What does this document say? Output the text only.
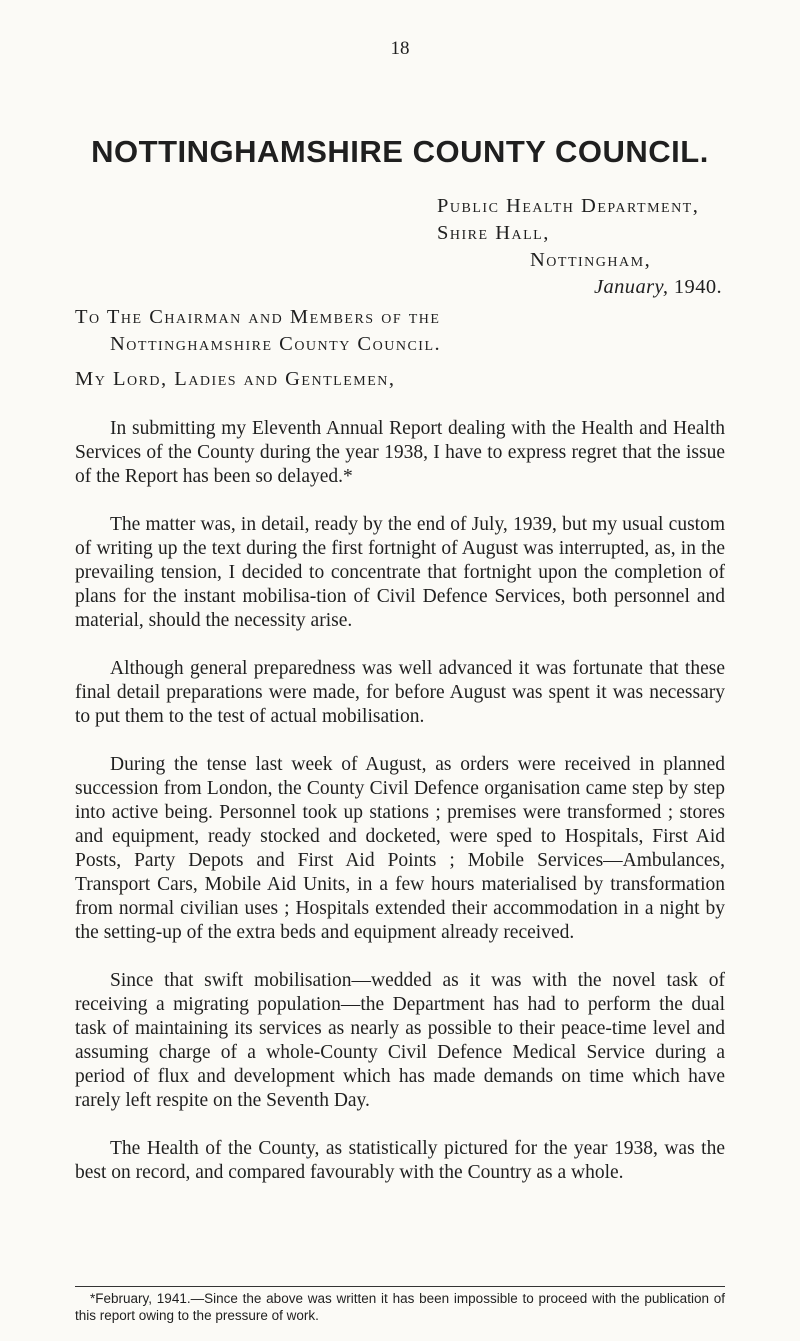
18
NOTTINGHAMSHIRE COUNTY COUNCIL.
Public Health Department,
Shire Hall,
Nottingham,
January, 1940.
To The Chairman and Members of the
Nottinghamshire County Council.
My Lord, Ladies and Gentlemen,

In submitting my Eleventh Annual Report dealing with the Health and Health Services of the County during the year 1938, I have to express regret that the issue of the Report has been so delayed.*

The matter was, in detail, ready by the end of July, 1939, but my usual custom of writing up the text during the first fortnight of August was interrupted, as, in the prevailing tension, I decided to concentrate that fortnight upon the completion of plans for the instant mobilisa-tion of Civil Defence Services, both personnel and material, should the necessity arise.

Although general preparedness was well advanced it was fortunate that these final detail preparations were made, for before August was spent it was necessary to put them to the test of actual mobilisation.

During the tense last week of August, as orders were received in planned succession from London, the County Civil Defence organisation came step by step into active being. Personnel took up stations ; premises were transformed ; stores and equipment, ready stocked and docketed, were sped to Hospitals, First Aid Posts, Party Depots and First Aid Points ; Mobile Services—Ambulances, Transport Cars, Mobile Aid Units, in a few hours materialised by transformation from normal civilian uses ; Hospitals extended their accommodation in a night by the setting-up of the extra beds and equipment already received.

Since that swift mobilisation—wedded as it was with the novel task of receiving a migrating population—the Department has had to perform the dual task of maintaining its services as nearly as possible to their peace-time level and assuming charge of a whole-County Civil Defence Medical Service during a period of flux and development which has made demands on time which have rarely left respite on the Seventh Day.

The Health of the County, as statistically pictured for the year 1938, was the best on record, and compared favourably with the Country as a whole.

*February, 1941.—Since the above was written it has been impossible to proceed with the publication of this report owing to the pressure of work.
